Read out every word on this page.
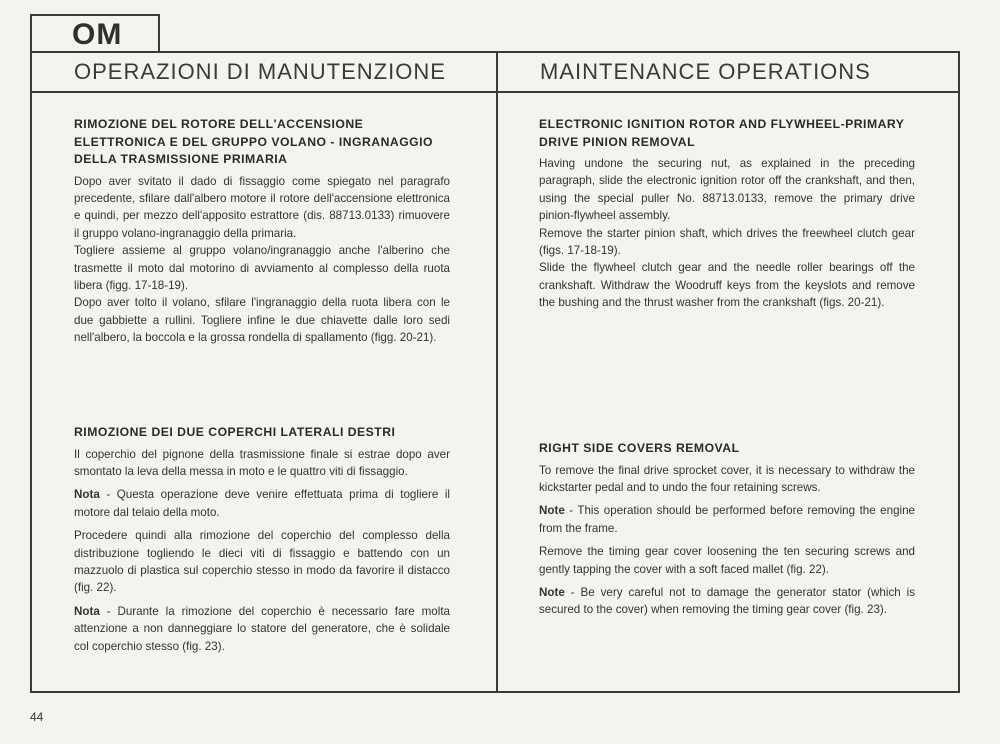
OM
OPERAZIONI DI MANUTENZIONE	MAINTENANCE OPERATIONS
RIMOZIONE DEL ROTORE DELL'ACCENSIONE ELETTRONICA E DEL GRUPPO VOLANO - INGRANAGGIO DELLA TRASMISSIONE PRIMARIA

Dopo aver svitato il dado di fissaggio come spiegato nel paragrafo precedente, sfilare dall'albero motore il rotore dell'accensione elettronica e quindi, per mezzo dell'apposito estrattore (dis. 88713.0133) rimuovere il gruppo volano-ingranaggio della primaria.

Togliere assieme al gruppo volano/ingranaggio anche l'alberino che trasmette il moto dal motorino di avviamento al complesso della ruota libera (figg. 17-18-19).

Dopo aver tolto il volano, sfilare l'ingranaggio della ruota libera con le due gabbiette a rullini. Togliere infine le due chiavette dalle loro sedi nell'albero, la boccola e la grossa rondella di spallamento (figg. 20-21).

RIMOZIONE DEI DUE COPERCHI LATERALI DESTRI

Il coperchio del pignone della trasmissione finale si estrae dopo aver smontato la leva della messa in moto e le quattro viti di fissaggio.

Nota - Questa operazione deve venire effettuata prima di togliere il motore dal telaio della moto.

Procedere quindi alla rimozione del coperchio del complesso della distribuzione togliendo le dieci viti di fissaggio e battendo con un mazzuolo di plastica sul coperchio stesso in modo da favorire il distacco (fig. 22).

Nota - Durante la rimozione del coperchio è necessario fare molta attenzione a non danneggiare lo statore del generatore, che è solidale col coperchio stesso (fig. 23).

ELECTRONIC IGNITION ROTOR AND FLYWHEEL-PRIMARY DRIVE PINION REMOVAL

Having undone the securing nut, as explained in the preceding paragraph, slide the electronic ignition rotor off the crankshaft, and then, using the special puller No. 88713.0133, remove the primary drive pinion-flywheel assembly.

Remove the starter pinion shaft, which drives the freewheel clutch gear (figs. 17-18-19).

Slide the flywheel clutch gear and the needle roller bearings off the crankshaft. Withdraw the Woodruff keys from the keyslots and remove the bushing and the thrust washer from the crankshaft (figs. 20-21).

RIGHT SIDE COVERS REMOVAL

To remove the final drive sprocket cover, it is necessary to withdraw the kickstarter pedal and to undo the four retaining screws.

Note - This operation should be performed before removing the engine from the frame.

Remove the timing gear cover loosening the ten securing screws and gently tapping the cover with a soft faced mallet (fig. 22).

Note - Be very careful not to damage the generator stator (which is secured to the cover) when removing the timing gear cover (fig. 23).

44
